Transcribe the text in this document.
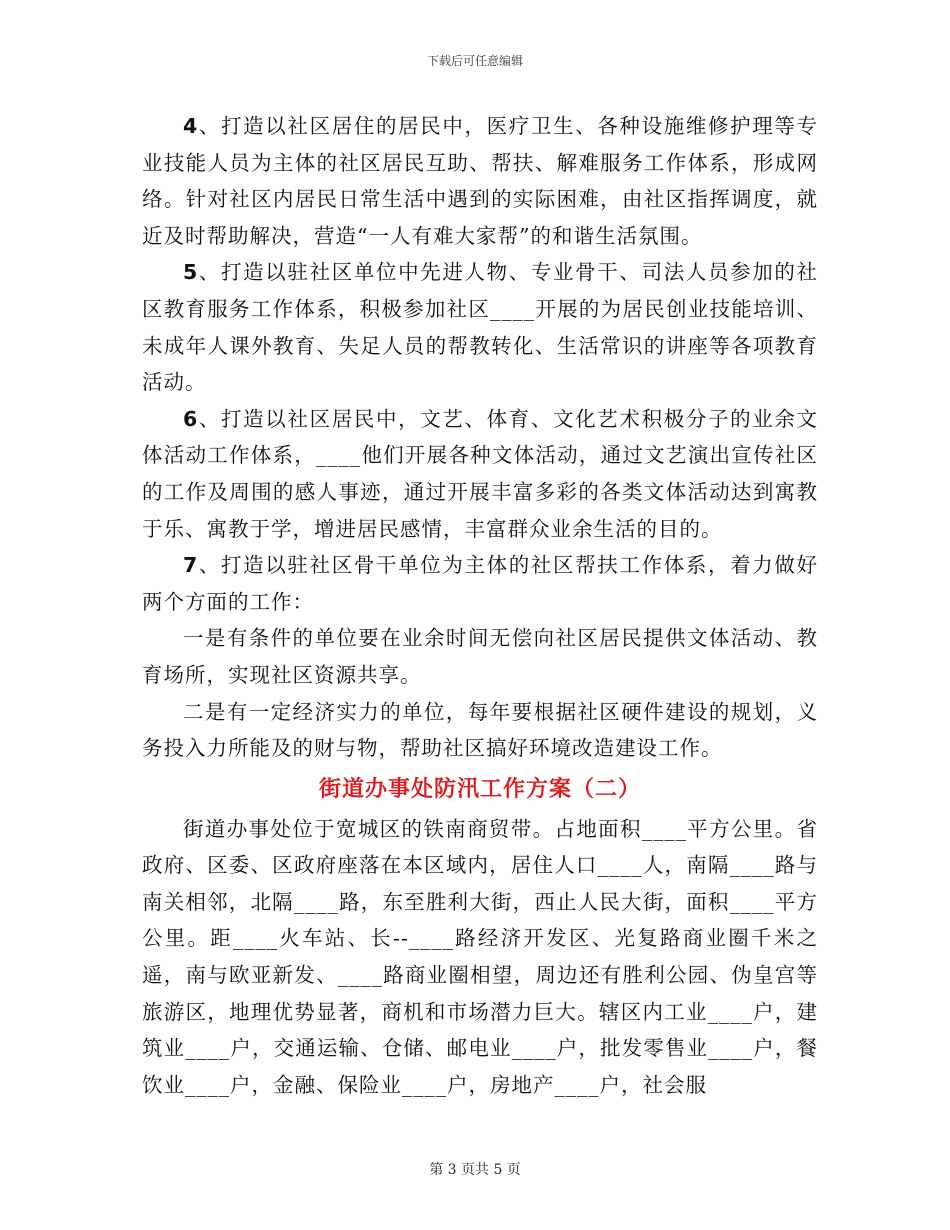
下载后可任意编辑

4、打造以社区居住的居民中，医疗卫生、各种设施维修护理等专业技能人员为主体的社区居民互助、帮扶、解难服务工作体系，形成网络。针对社区内居民日常生活中遇到的实际困难，由社区指挥调度，就近及时帮助解决，营造“一人有难大家帮”的和谐生活氛围。

5、打造以驻社区单位中先进人物、专业骨干、司法人员参加的社区教育服务工作体系，积极参加社区____开展的为居民创业技能培训、未成年人课外教育、失足人员的帮教转化、生活常识的讲座等各项教育活动。

6、打造以社区居民中，文艺、体育、文化艺术积极分子的业余文体活动工作体系，____他们开展各种文体活动，通过文艺演出宣传社区的工作及周围的感人事迹，通过开展丰富多彩的各类文体活动达到寓教于乐、寓教于学，增进居民感情，丰富群众业余生活的目的。

7、打造以驻社区骨干单位为主体的社区帮扶工作体系，着力做好两个方面的工作：

一是有条件的单位要在业余时间无偿向社区居民提供文体活动、教育场所，实现社区资源共享。

二是有一定经济实力的单位，每年要根据社区硬件建设的规划，义务投入力所能及的财与物，帮助社区搞好环境改造建设工作。

街道办事处防汛工作方案（二）

街道办事处位于宽城区的铁南商贸带。占地面积____平方公里。省政府、区委、区政府座落在本区域内，居住人口____人，南隔____路与南关相邻，北隔____路，东至胜利大街，西止人民大街，面积____平方公里。距____火车站、长--____路经济开发区、光复路商业圈千米之遥，南与欧亚新发、____路商业圈相望，周边还有胜利公园、伪皇宫等旅游区，地理优势显著，商机和市场潜力巨大。辖区内工业____户，建筑业____户，交通运输、仓储、邮电业____户，批发零售业____户，餐饮业____户，金融、保险业____户，房地产____户，社会服

第 3 页共 5 页
